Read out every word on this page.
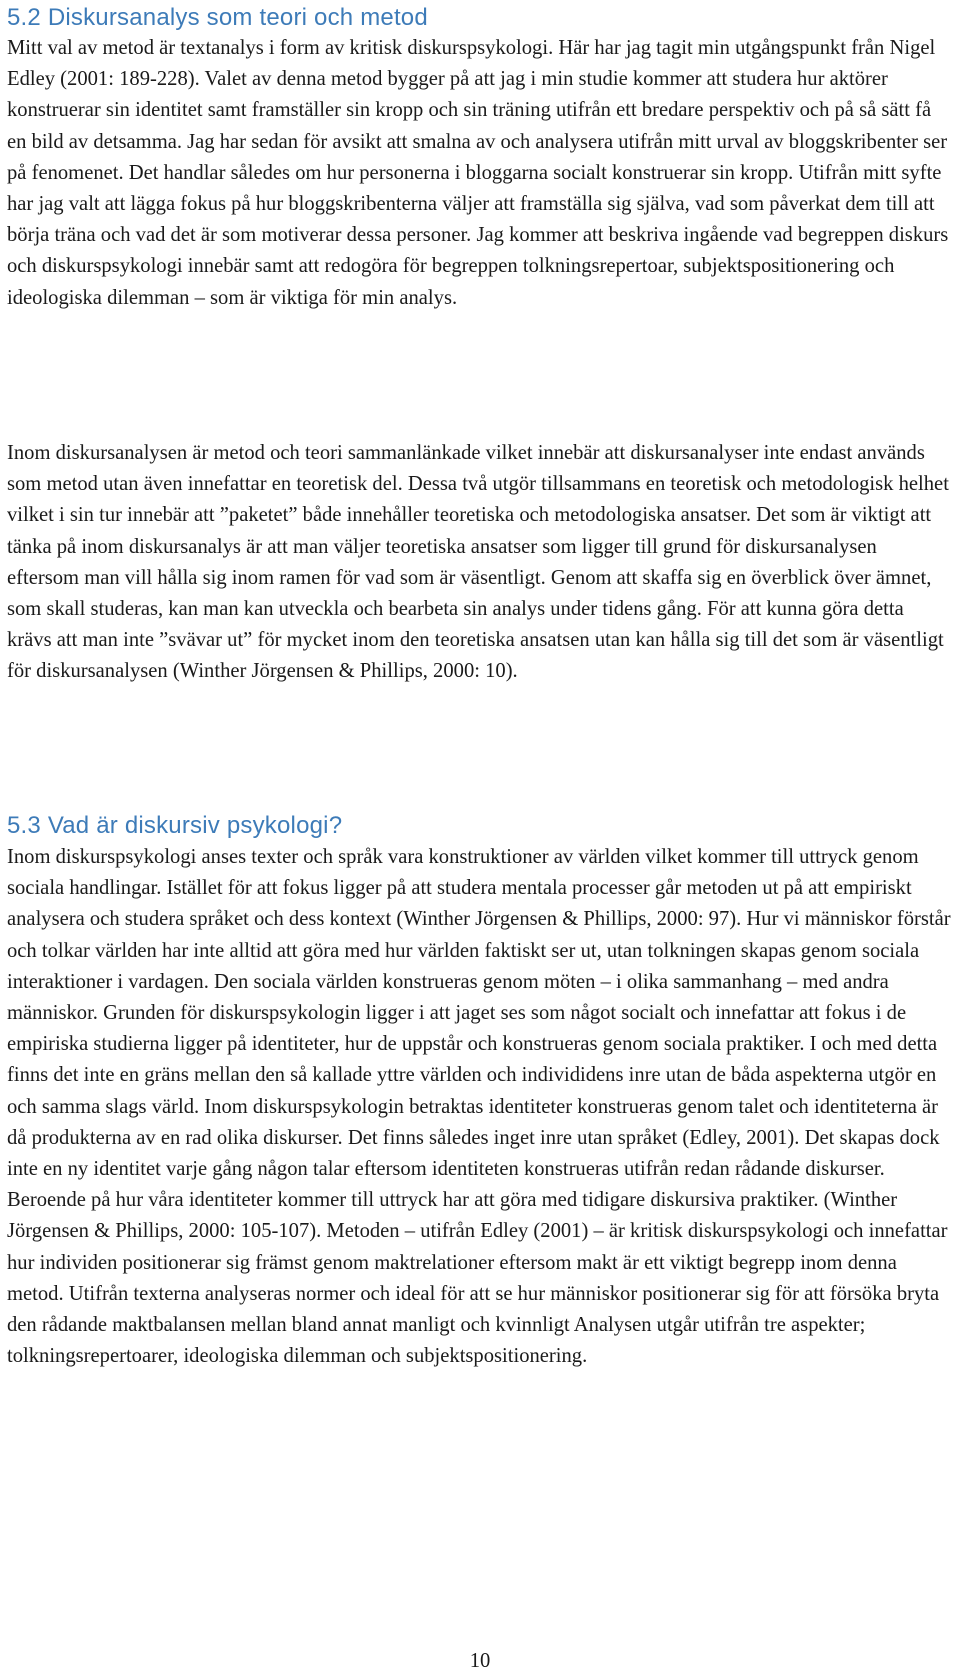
5.2 Diskursanalys som teori och metod

Mitt val av metod är textanalys i form av kritisk diskurspsykologi. Här har jag tagit min utgångspunkt från Nigel Edley (2001: 189-228). Valet av denna metod bygger på att jag i min studie kommer att studera hur aktörer konstruerar sin identitet samt framställer sin kropp och sin träning utifrån ett bredare perspektiv och på så sätt få en bild av detsamma. Jag har sedan för avsikt att smalna av och analysera utifrån mitt urval av bloggskribenter ser på fenomenet. Det handlar således om hur personerna i bloggarna socialt konstruerar sin kropp. Utifrån mitt syfte har jag valt att lägga fokus på hur bloggskribenterna väljer att framställa sig själva, vad som påverkat dem till att börja träna och vad det är som motiverar dessa personer. Jag kommer att beskriva ingående vad begreppen diskurs och diskurspsykologi innebär samt att redogöra för begreppen tolkningsrepertoar, subjektspositionering och ideologiska dilemman – som är viktiga för min analys.

Inom diskursanalysen är metod och teori sammanlänkade vilket innebär att diskursanalyser inte endast används som metod utan även innefattar en teoretisk del. Dessa två utgör tillsammans en teoretisk och metodologisk helhet vilket i sin tur innebär att ”paketet” både innehåller teoretiska och metodologiska ansatser. Det som är viktigt att tänka på inom diskursanalys är att man väljer teoretiska ansatser som ligger till grund för diskursanalysen eftersom man vill hålla sig inom ramen för vad som är väsentligt. Genom att skaffa sig en överblick över ämnet, som skall studeras, kan man kan utveckla och bearbeta sin analys under tidens gång. För att kunna göra detta krävs att man inte ”svävar ut” för mycket inom den teoretiska ansatsen utan kan hålla sig till det som är väsentligt för diskursanalysen (Winther Jörgensen & Phillips, 2000: 10).

5.3 Vad är diskursiv psykologi?

Inom diskurspsykologi anses texter och språk vara konstruktioner av världen vilket kommer till uttryck genom sociala handlingar. Istället för att fokus ligger på att studera mentala processer går metoden ut på att empiriskt analysera och studera språket och dess kontext (Winther Jörgensen & Phillips, 2000: 97). Hur vi människor förstår och tolkar världen har inte alltid att göra med hur världen faktiskt ser ut, utan tolkningen skapas genom sociala interaktioner i vardagen. Den sociala världen konstrueras genom möten – i olika sammanhang – med andra människor. Grunden för diskurspsykologin ligger i att jaget ses som något socialt och innefattar att fokus i de empiriska studierna ligger på identiteter, hur de uppstår och konstrueras genom sociala praktiker. I och med detta finns det inte en gräns mellan den så kallade yttre världen och individidens inre utan de båda aspekterna utgör en och samma slags värld. Inom diskurspsykologin betraktas identiteter konstrueras genom talet och identiteterna är då produkterna av en rad olika diskurser. Det finns således inget inre utan språket (Edley, 2001). Det skapas dock inte en ny identitet varje gång någon talar eftersom identiteten konstrueras utifrån redan rådande diskurser. Beroende på hur våra identiteter kommer till uttryck har att göra med tidigare diskursiva praktiker. (Winther Jörgensen & Phillips, 2000: 105-107). Metoden – utifrån Edley (2001) – är kritisk diskurspsykologi och innefattar hur individen positionerar sig främst genom maktrelationer eftersom makt är ett viktigt begrepp inom denna metod. Utifrån texterna analyseras normer och ideal för att se hur människor positionerar sig för att försöka bryta den rådande maktbalansen mellan bland annat manligt och kvinnligt Analysen utgår utifrån tre aspekter; tolkningsrepertoarer, ideologiska dilemman och subjektspositionering.

10
